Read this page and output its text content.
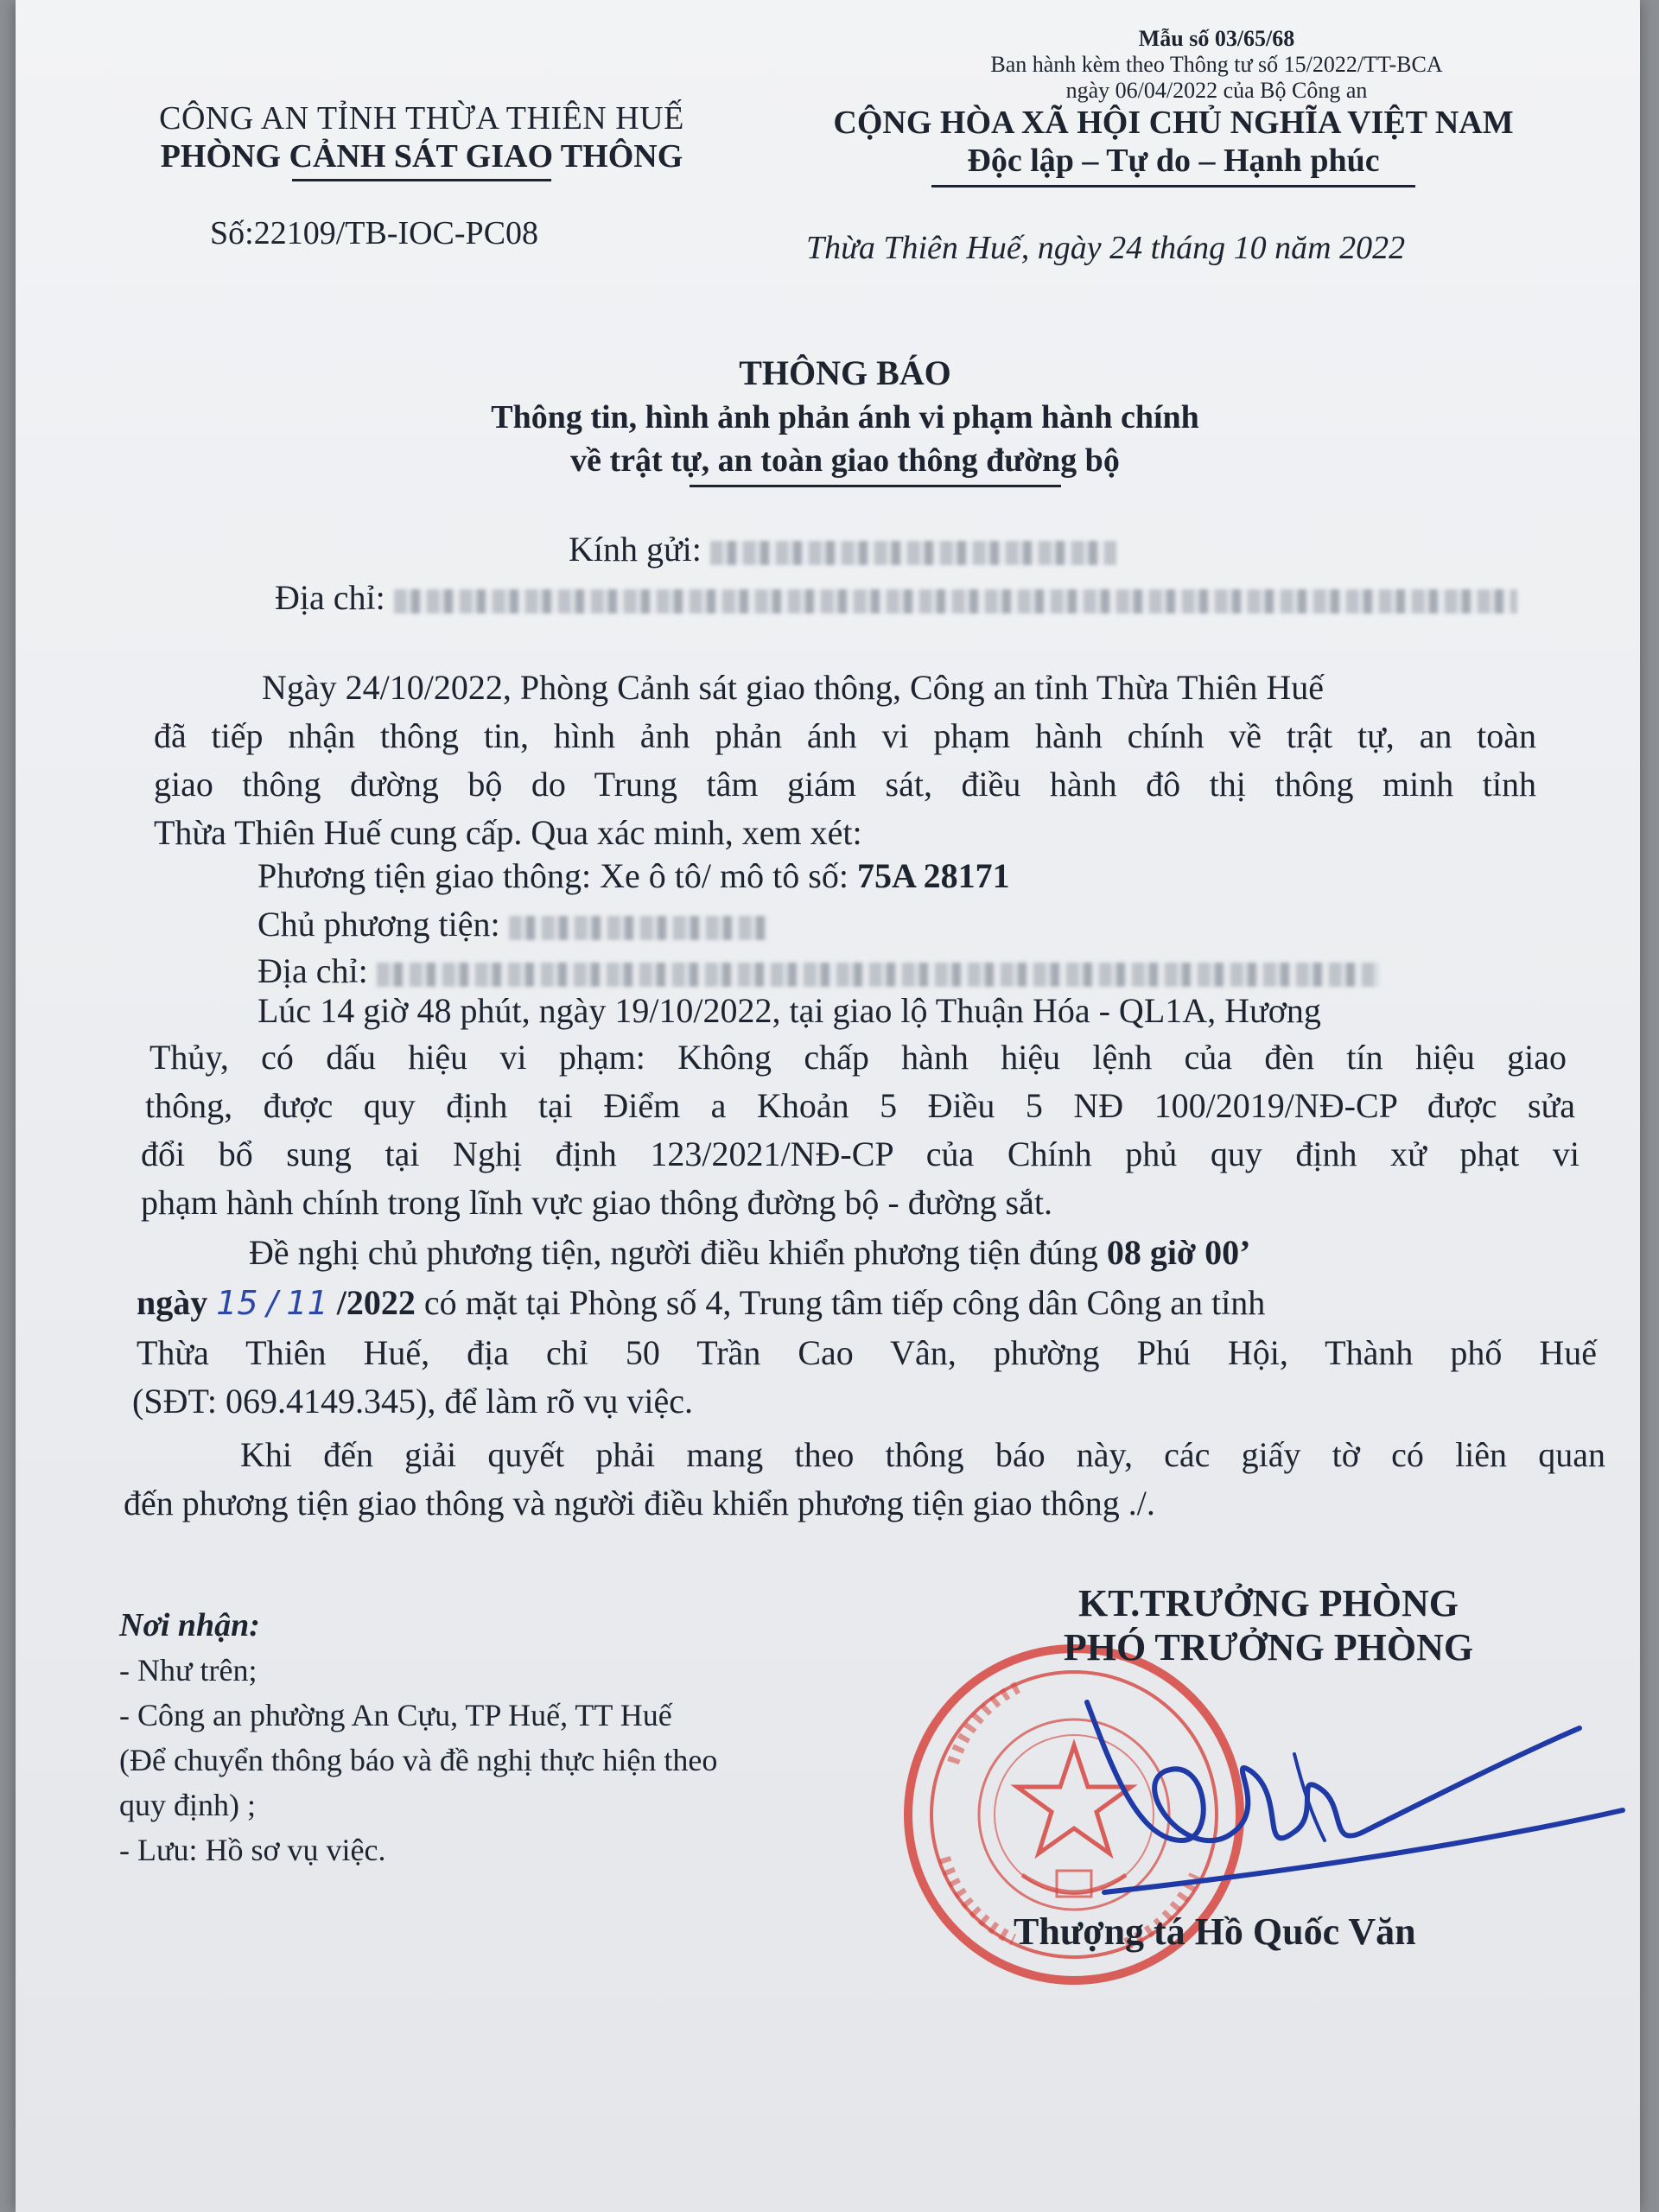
Mẫu số 03/65/68
Ban hành kèm theo Thông tư số 15/2022/TT-BCA
ngày 06/04/2022 của Bộ Công an
CÔNG AN TỈNH THỪA THIÊN HUẾ
PHÒNG CẢNH SÁT GIAO THÔNG
Số:22109/TB-IOC-PC08
CỘNG HÒA XÃ HỘI CHỦ NGHĨA VIỆT NAM
Độc lập – Tự do – Hạnh phúc
Thừa Thiên Huế, ngày 24 tháng 10 năm 2022
THÔNG BÁO
Thông tin, hình ảnh phản ánh vi phạm hành chính
về trật tự, an toàn giao thông đường bộ
Kính gửi:
Địa chỉ:
Ngày 24/10/2022, Phòng Cảnh sát giao thông, Công an tỉnh Thừa Thiên Huế
đã tiếp nhận thông tin, hình ảnh phản ánh vi phạm hành chính về trật tự, an toàn
giao thông đường bộ do Trung tâm giám sát, điều hành đô thị thông minh tỉnh
Thừa Thiên Huế cung cấp. Qua xác minh, xem xét:
Phương tiện giao thông: Xe ô tô/ mô tô số: 75A 28171
Chủ phương tiện:
Địa chỉ:
Lúc 14 giờ 48 phút, ngày 19/10/2022, tại giao lộ Thuận Hóa - QL1A, Hương
Thủy, có dấu hiệu vi phạm: Không chấp hành hiệu lệnh của đèn tín hiệu giao
thông, được quy định tại Điểm a Khoản 5 Điều 5 NĐ 100/2019/NĐ-CP được sửa
đổi bổ sung tại Nghị định 123/2021/NĐ-CP của Chính phủ quy định xử phạt vi
phạm hành chính trong lĩnh vực giao thông đường bộ - đường sắt.
Đề nghị chủ phương tiện, người điều khiển phương tiện đúng 08 giờ 00’
ngày 15 / 11 /2022 có mặt tại Phòng số 4, Trung tâm tiếp công dân Công an tỉnh
Thừa Thiên Huế, địa chỉ 50 Trần Cao Vân, phường Phú Hội, Thành phố Huế
(SĐT: 069.4149.345), để làm rõ vụ việc.
Khi đến giải quyết phải mang theo thông báo này, các giấy tờ có liên quan
đến phương tiện giao thông và người điều khiển phương tiện giao thông ./.
Nơi nhận:
- Như trên;
- Công an phường An Cựu, TP Huế, TT Huế
(Để chuyển thông báo và đề nghị thực hiện theo
quy định) ;
- Lưu: Hồ sơ vụ việc.
KT.TRƯỞNG PHÒNG
PHÓ TRƯỞNG PHÒNG
Thượng tá Hồ Quốc Văn
